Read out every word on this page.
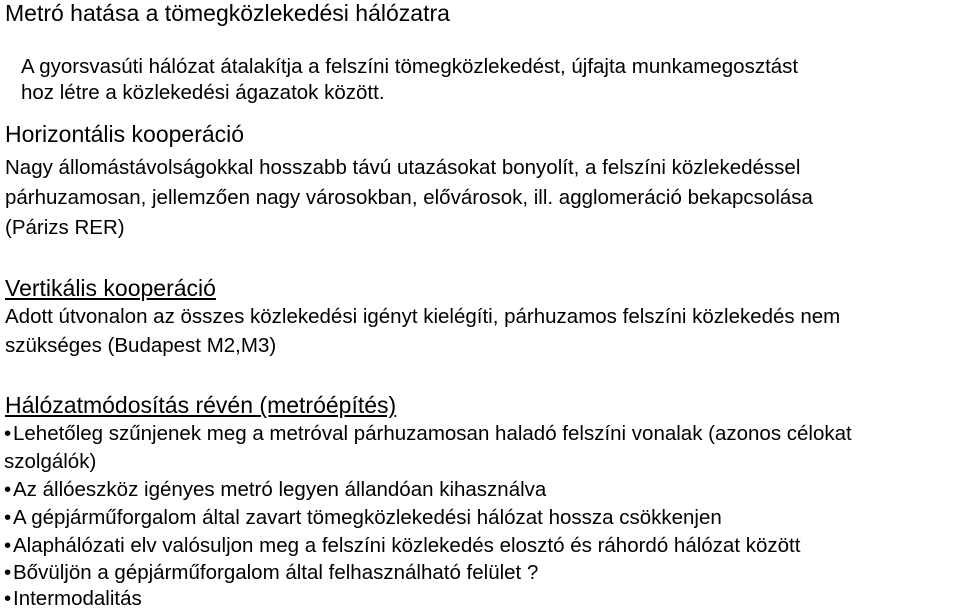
Metró hatása a tömegközlekedési hálózatra
A gyorsvasúti hálózat átalakítja a felszíni tömegközlekedést, újfajta munkamegosztást
hoz létre a közlekedési ágazatok között.
Horizontális kooperáció
Nagy állomástávolságokkal hosszabb távú utazásokat bonyolít, a felszíni közlekedéssel
párhuzamosan, jellemzően nagy városokban, elővárosok, ill. agglomeráció bekapcsolása
(Párizs RER)
Vertikális kooperáció
Adott útvonalon az összes közlekedési igényt kielégíti, párhuzamos felszíni közlekedés nem
szükséges (Budapest M2,M3)
Hálózatmódosítás révén (metróépítés)
•Lehetőleg szűnjenek meg a metróval párhuzamosan haladó felszíni vonalak (azonos célokat
szolgálók)
•Az állóeszköz igényes metró legyen állandóan kihasználva
•A gépjárműforgalom által zavart tömegközlekedési hálózat hossza csökkenjen
•Alaphálózati elv valósuljon meg a felszíni közlekedés elosztó és ráhordó hálózat között
•Bővüljön a gépjárműforgalom által felhasználható felület ?
•Intermodalitás
